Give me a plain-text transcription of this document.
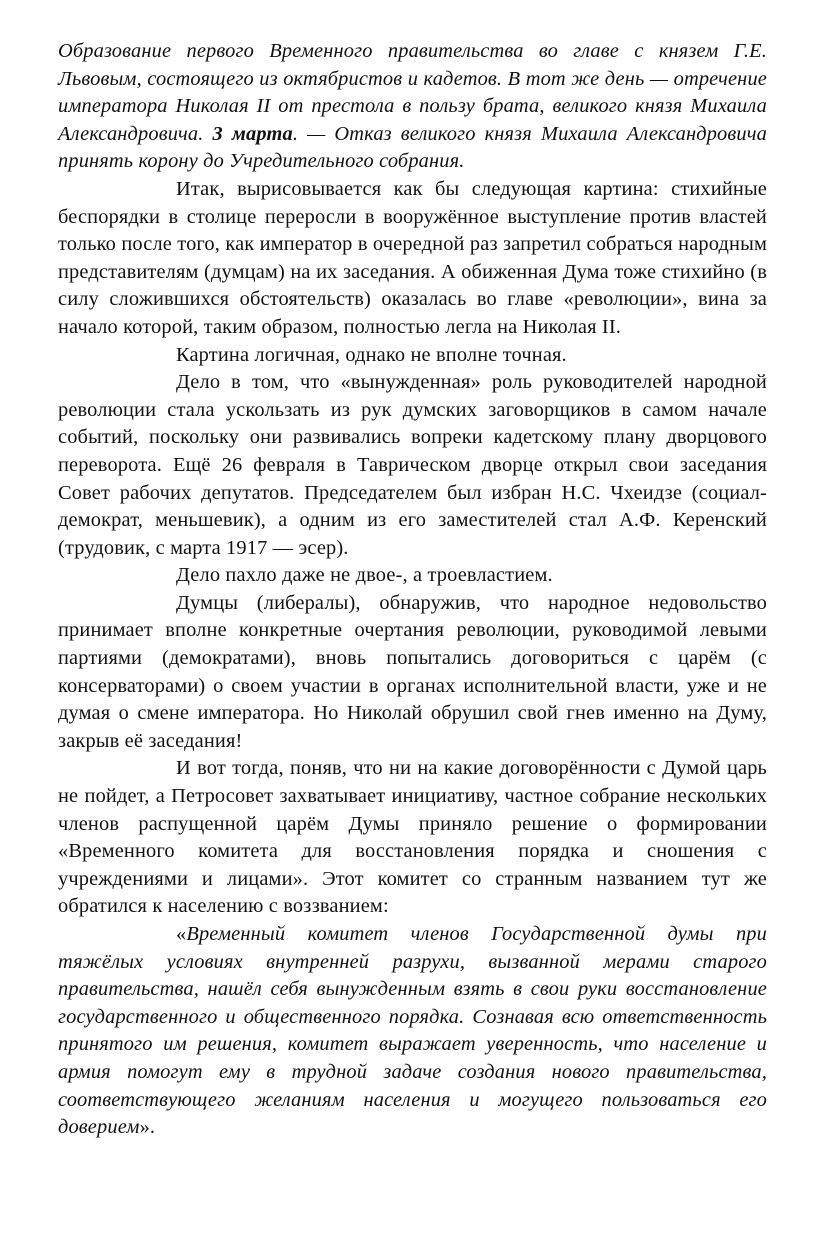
Образование первого Временного правительства во главе с князем Г.Е. Львовым, состоящего из октябристов и кадетов. В тот же день — отречение императора Николая II от престола в пользу брата, великого князя Михаила Александровича. 3 марта. — Отказ великого князя Михаила Александровича принять корону до Учредительного собрания.

Итак, вырисовывается как бы следующая картина: стихийные беспорядки в столице переросли в вооружённое выступление против властей только после того, как император в очередной раз запретил собраться народным представителям (думцам) на их заседания. А обиженная Дума тоже стихийно (в силу сложившихся обстоятельств) оказалась во главе «революции», вина за начало которой, таким образом, полностью легла на Николая II.

Картина логичная, однако не вполне точная.

Дело в том, что «вынужденная» роль руководителей народной революции стала ускользать из рук думских заговорщиков в самом начале событий, поскольку они развивались вопреки кадетскому плану дворцового переворота. Ещё 26 февраля в Таврическом дворце открыл свои заседания Совет рабочих депутатов. Председателем был избран Н.С. Чхеидзе (социал-демократ, меньшевик), а одним из его заместителей стал А.Ф. Керенский (трудовик, с марта 1917 — эсер).

Дело пахло даже не двое-, а троевластием.

Думцы (либералы), обнаружив, что народное недовольство принимает вполне конкретные очертания революции, руководимой левыми партиями (демократами), вновь попытались договориться с царём (с консерваторами) о своем участии в органах исполнительной власти, уже и не думая о смене императора. Но Николай обрушил свой гнев именно на Думу, закрыв её заседания!

И вот тогда, поняв, что ни на какие договорённости с Думой царь не пойдет, а Петросовет захватывает инициативу, частное собрание нескольких членов распущенной царём Думы приняло решение о формировании «Временного комитета для восстановления порядка и сношения с учреждениями и лицами». Этот комитет со странным названием тут же обратился к населению с воззванием:

«Временный комитет членов Государственной думы при тяжёлых условиях внутренней разрухи, вызванной мерами старого правительства, нашёл себя вынужденным взять в свои руки восстановление государственного и общественного порядка. Сознавая всю ответственность принятого им решения, комитет выражает уверенность, что население и армия помогут ему в трудной задаче создания нового правительства, соответствующего желаниям населения и могущего пользоваться его доверием».
